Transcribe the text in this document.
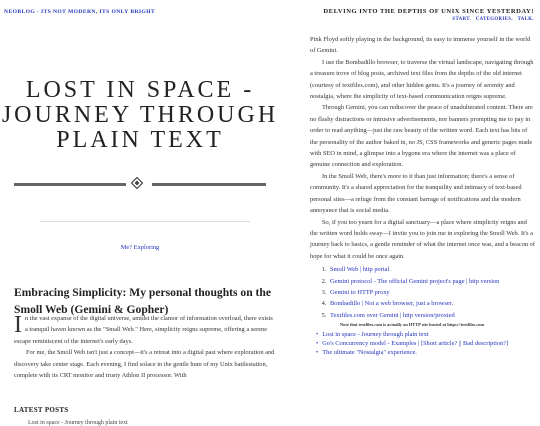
NEOBLOG - ITS NOT MODERN, ITS ONLY BRIGHT	DELVING INTO THE DEPTHS OF UNIX SINCE YESTERDAY!
START. CATEGORIES. TALK.
LOST IN SPACE - JOURNEY THROUGH PLAIN TEXT
Me? Exploring
Embracing Simplicity: My personal thoughts on the Smoll Web (Gemini & Gopher)

In the vast expanse of the digital universe, amidst the clamor of information overload, there exists a tranquil haven known as the "Small Web." Here, simplicity reigns supreme, offering a serene escape reminiscent of the internet's early days.

For me, the Smoll Web isn't just a concept—it's a retreat into a digital past where exploration and discovery take center stage. Each evening, I find solace in the gentle hum of my Unix battlestation, complete with its CRT monitor and trusty Athlon II processor. With

LATEST POSTS
Lost in space - Journey through plain text

Pink Floyd softly playing in the background, its easy to immerse yourself in the world of Gemini.

I use the Bombadillo browser, to traverse the virtual landscape, navigating through a treasure trove of blog posts, archived text files from the depths of the old internet (courtesy of textfiles.com), and other hidden gems. It's a journey of serenity and nostalgia, where the simplicity of text-based communication reigns supreme.

Through Gemini, you can rediscover the peace of unadulterated content. There are no flashy distractions or intrusive advertisements, nor banners prompting me to pay in order to read anything—just the raw beauty of the written word. Each text has bits of the personality of the author baked in, no JS, CSS frameworks and generic pages made with SEO in mind, a glimpse into a bygone era where the internet was a place of genuine connection and exploration.

In the Smoll Web, there's more to it than just information; there's a sense of community. It's a shared appreciation for the tranquility and intimacy of text-based personal sites—a refuge from the constant barrage of notifications and the modern annoyance that is social media.

So, if you too yearn for a digital sanctuary—a place where simplicity reigns and the written word holds sway—I invite you to join me in exploring the Smoll Web. It's a journey back to basics, a gentle reminder of what the internet once was, and a beacon of hope for what it could be once again.

1. Smoll Web | http portal
2. Gemini protocol - The official Gemini project's page | http version
3. Gemini to HTTP proxy
4. Bombadillo | Not a web browser, just a browser.
5. Textfiles.com over Gemini | http version/proxied
Note that textfiles.com is actually an HTTP site hosted at https://textfiles.com
• Lost in space - Journey through plain text
• Go's Concurrency model - Examples | [Short article? || Bad description?]
• The ultimate "Nostalgia" experience.
